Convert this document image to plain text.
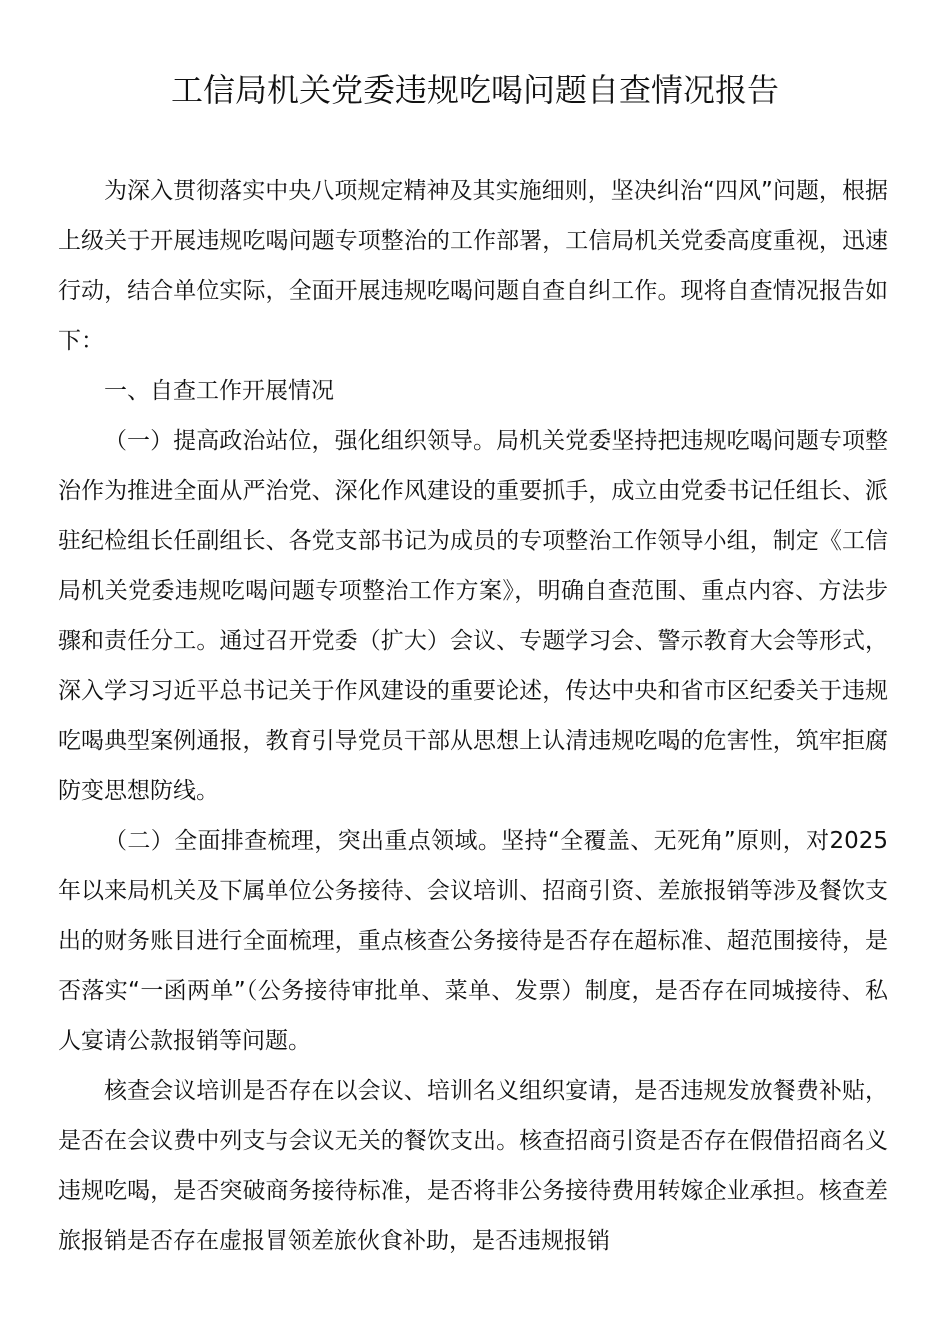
工信局机关党委违规吃喝问题自查情况报告

为深入贯彻落实中央八项规定精神及其实施细则，坚决纠治“四风”问题，根据上级关于开展违规吃喝问题专项整治的工作部署，工信局机关党委高度重视，迅速行动，结合单位实际，全面开展违规吃喝问题自查自纠工作。现将自查情况报告如下：

一、自查工作开展情况

（一）提高政治站位，强化组织领导。局机关党委坚持把违规吃喝问题专项整治作为推进全面从严治党、深化作风建设的重要抓手，成立由党委书记任组长、派驻纪检组长任副组长、各党支部书记为成员的专项整治工作领导小组，制定《工信局机关党委违规吃喝问题专项整治工作方案》，明确自查范围、重点内容、方法步骤和责任分工。通过召开党委（扩大）会议、专题学习会、警示教育大会等形式，深入学习习近平总书记关于作风建设的重要论述，传达中央和省市区纪委关于违规吃喝典型案例通报，教育引导党员干部从思想上认清违规吃喝的危害性，筑牢拒腐防变思想防线。

（二）全面排查梳理，突出重点领域。坚持“全覆盖、无死角”原则，对2025年以来局机关及下属单位公务接待、会议培训、招商引资、差旅报销等涉及餐饮支出的财务账目进行全面梳理，重点核查公务接待是否存在超标准、超范围接待，是否落实“一函两单”（公务接待审批单、菜单、发票）制度，是否存在同城接待、私人宴请公款报销等问题。

核查会议培训是否存在以会议、培训名义组织宴请，是否违规发放餐费补贴，是否在会议费中列支与会议无关的餐饮支出。核查招商引资是否存在假借招商名义违规吃喝，是否突破商务接待标准，是否将非公务接待费用转嫁企业承担。核查差旅报销是否存在虚报冒领差旅伙食补助，是否违规报销
